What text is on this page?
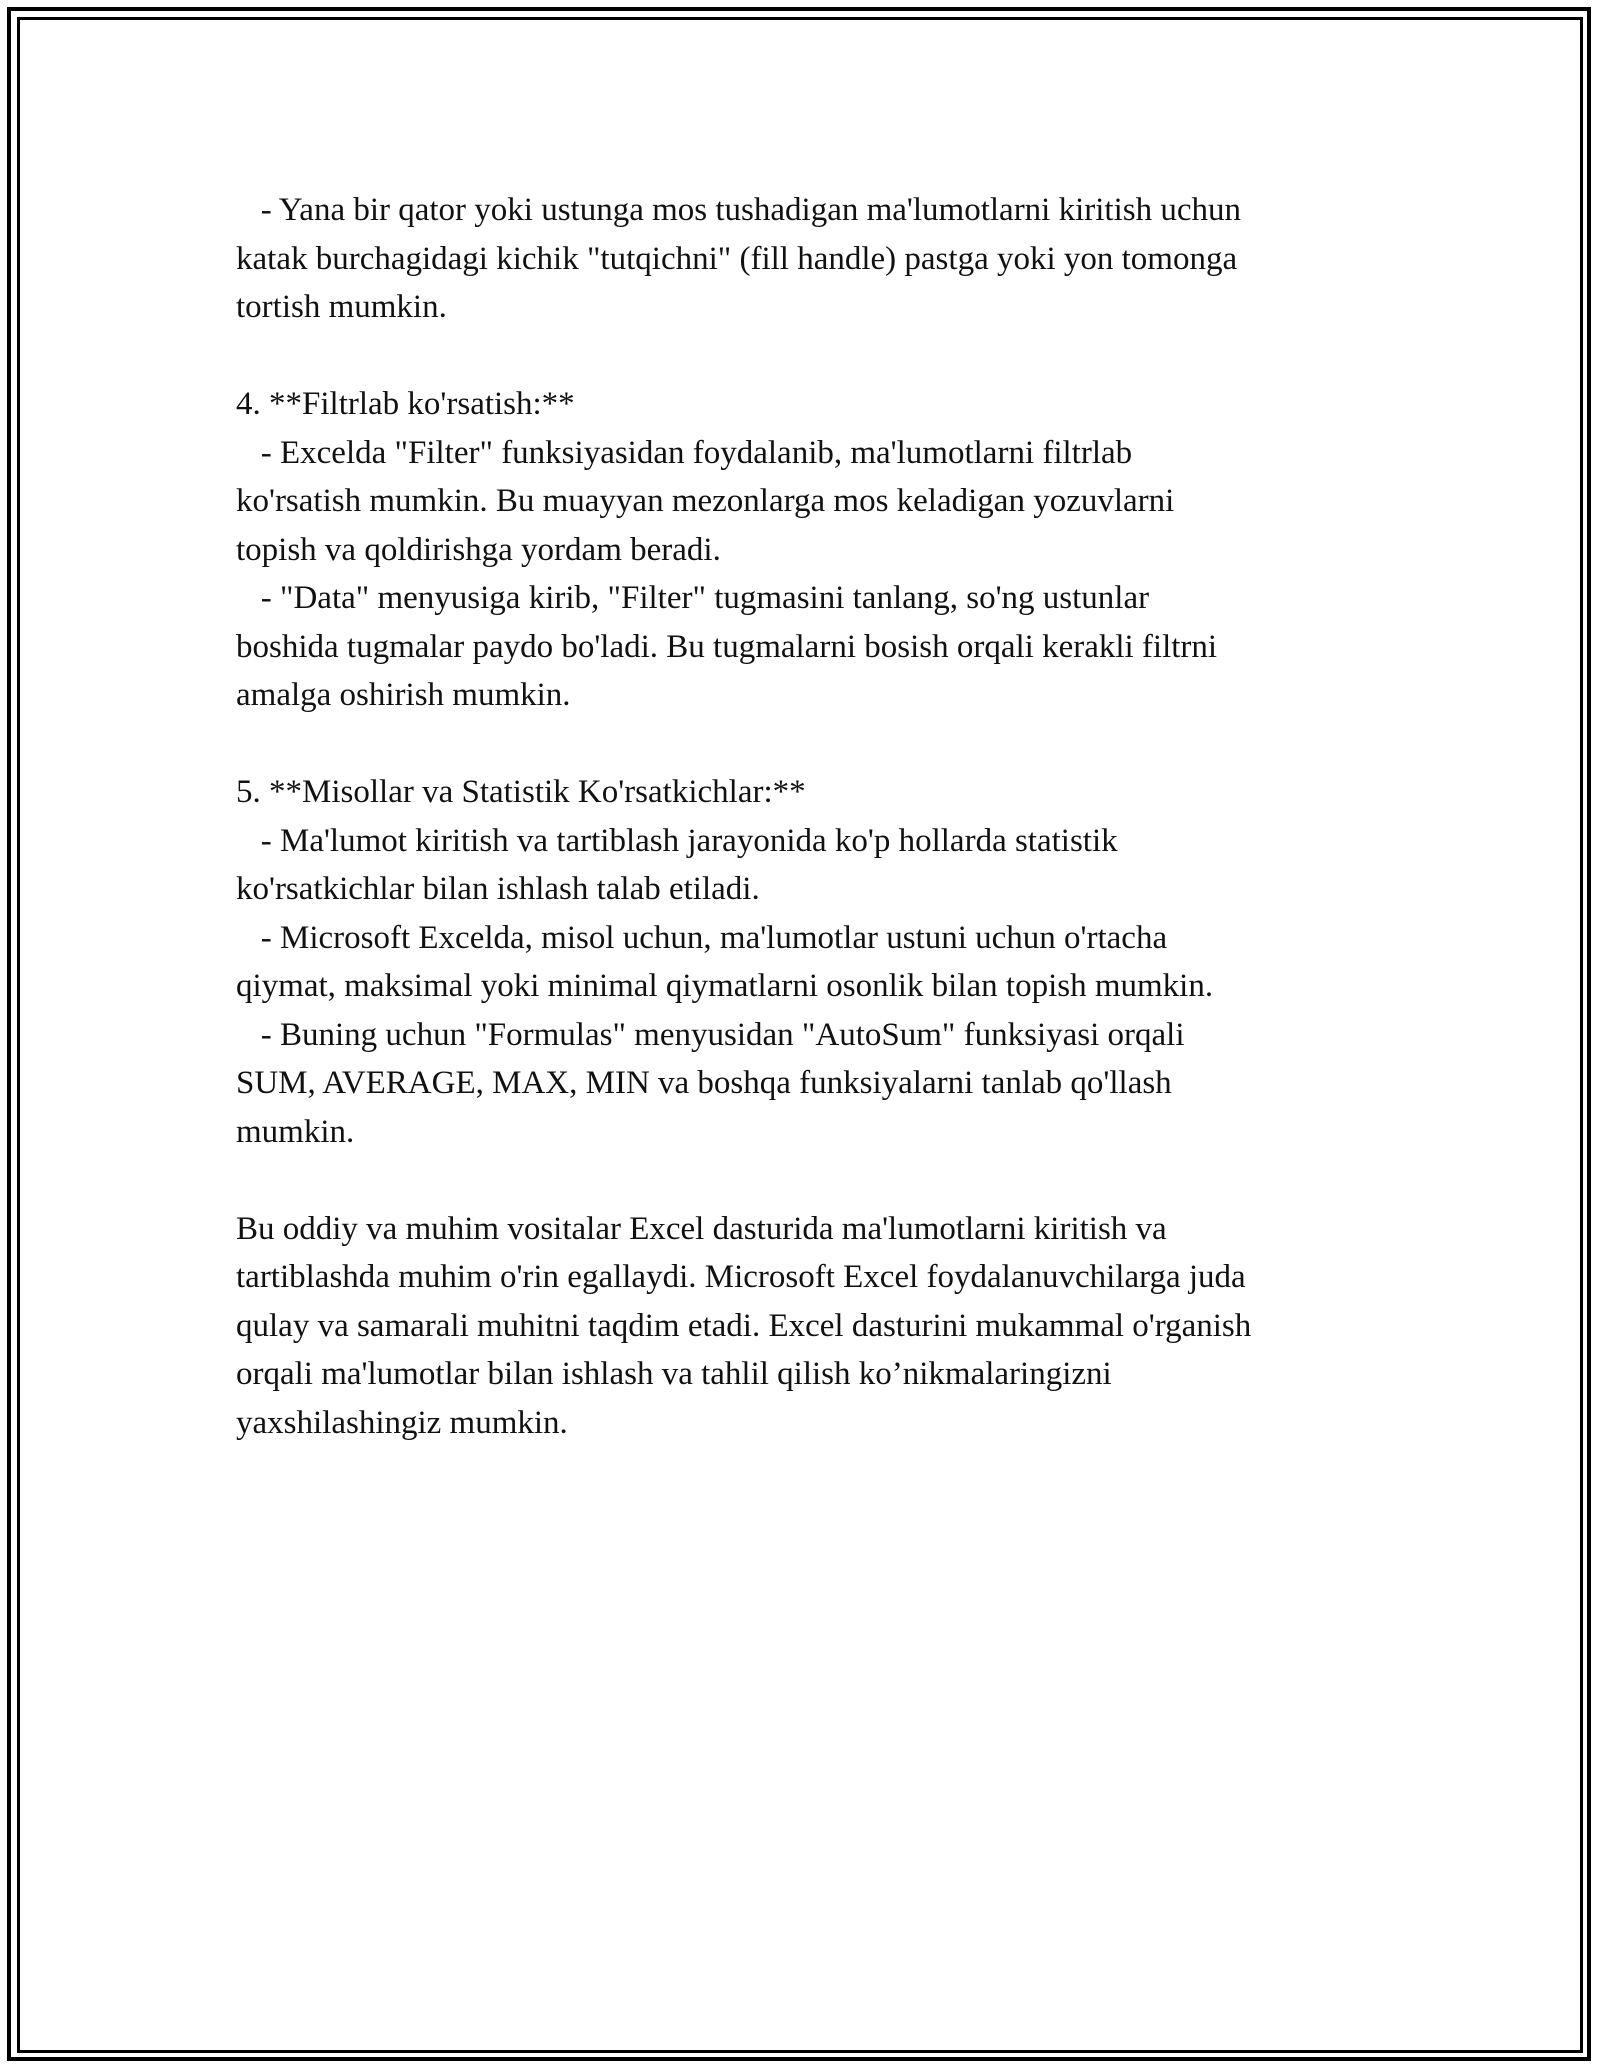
- Yana bir qator yoki ustunga mos tushadigan ma'lumotlarni kiritish uchun
katak burchagidagi kichik "tutqichni" (fill handle) pastga yoki yon tomonga
tortish mumkin.
4. **Filtrlab ko'rsatish:**
- Excelda "Filter" funksiyasidan foydalanib, ma'lumotlarni filtrlab
ko'rsatish mumkin. Bu muayyan mezonlarga mos keladigan yozuvlarni
topish va qoldirishga yordam beradi.
- "Data" menyusiga kirib, "Filter" tugmasini tanlang, so'ng ustunlar
boshida tugmalar paydo bo'ladi. Bu tugmalarni bosish orqali kerakli filtrni
amalga oshirish mumkin.
5. **Misollar va Statistik Ko'rsatkichlar:**
- Ma'lumot kiritish va tartiblash jarayonida ko'p hollarda statistik
ko'rsatkichlar bilan ishlash talab etiladi.
- Microsoft Excelda, misol uchun, ma'lumotlar ustuni uchun o'rtacha
qiymat, maksimal yoki minimal qiymatlarni osonlik bilan topish mumkin.
- Buning uchun "Formulas" menyusidan "AutoSum" funksiyasi orqali
SUM, AVERAGE, MAX, MIN va boshqa funksiyalarni tanlab qo'llash
mumkin.
Bu oddiy va muhim vositalar Excel dasturida ma'lumotlarni kiritish va
tartiblashda muhim o'rin egallaydi. Microsoft Excel foydalanuvchilarga juda
qulay va samarali muhitni taqdim etadi. Excel dasturini mukammal o'rganish
orqali ma'lumotlar bilan ishlash va tahlil qilish ko’nikmalaringizni
yaxshilashingiz mumkin.
